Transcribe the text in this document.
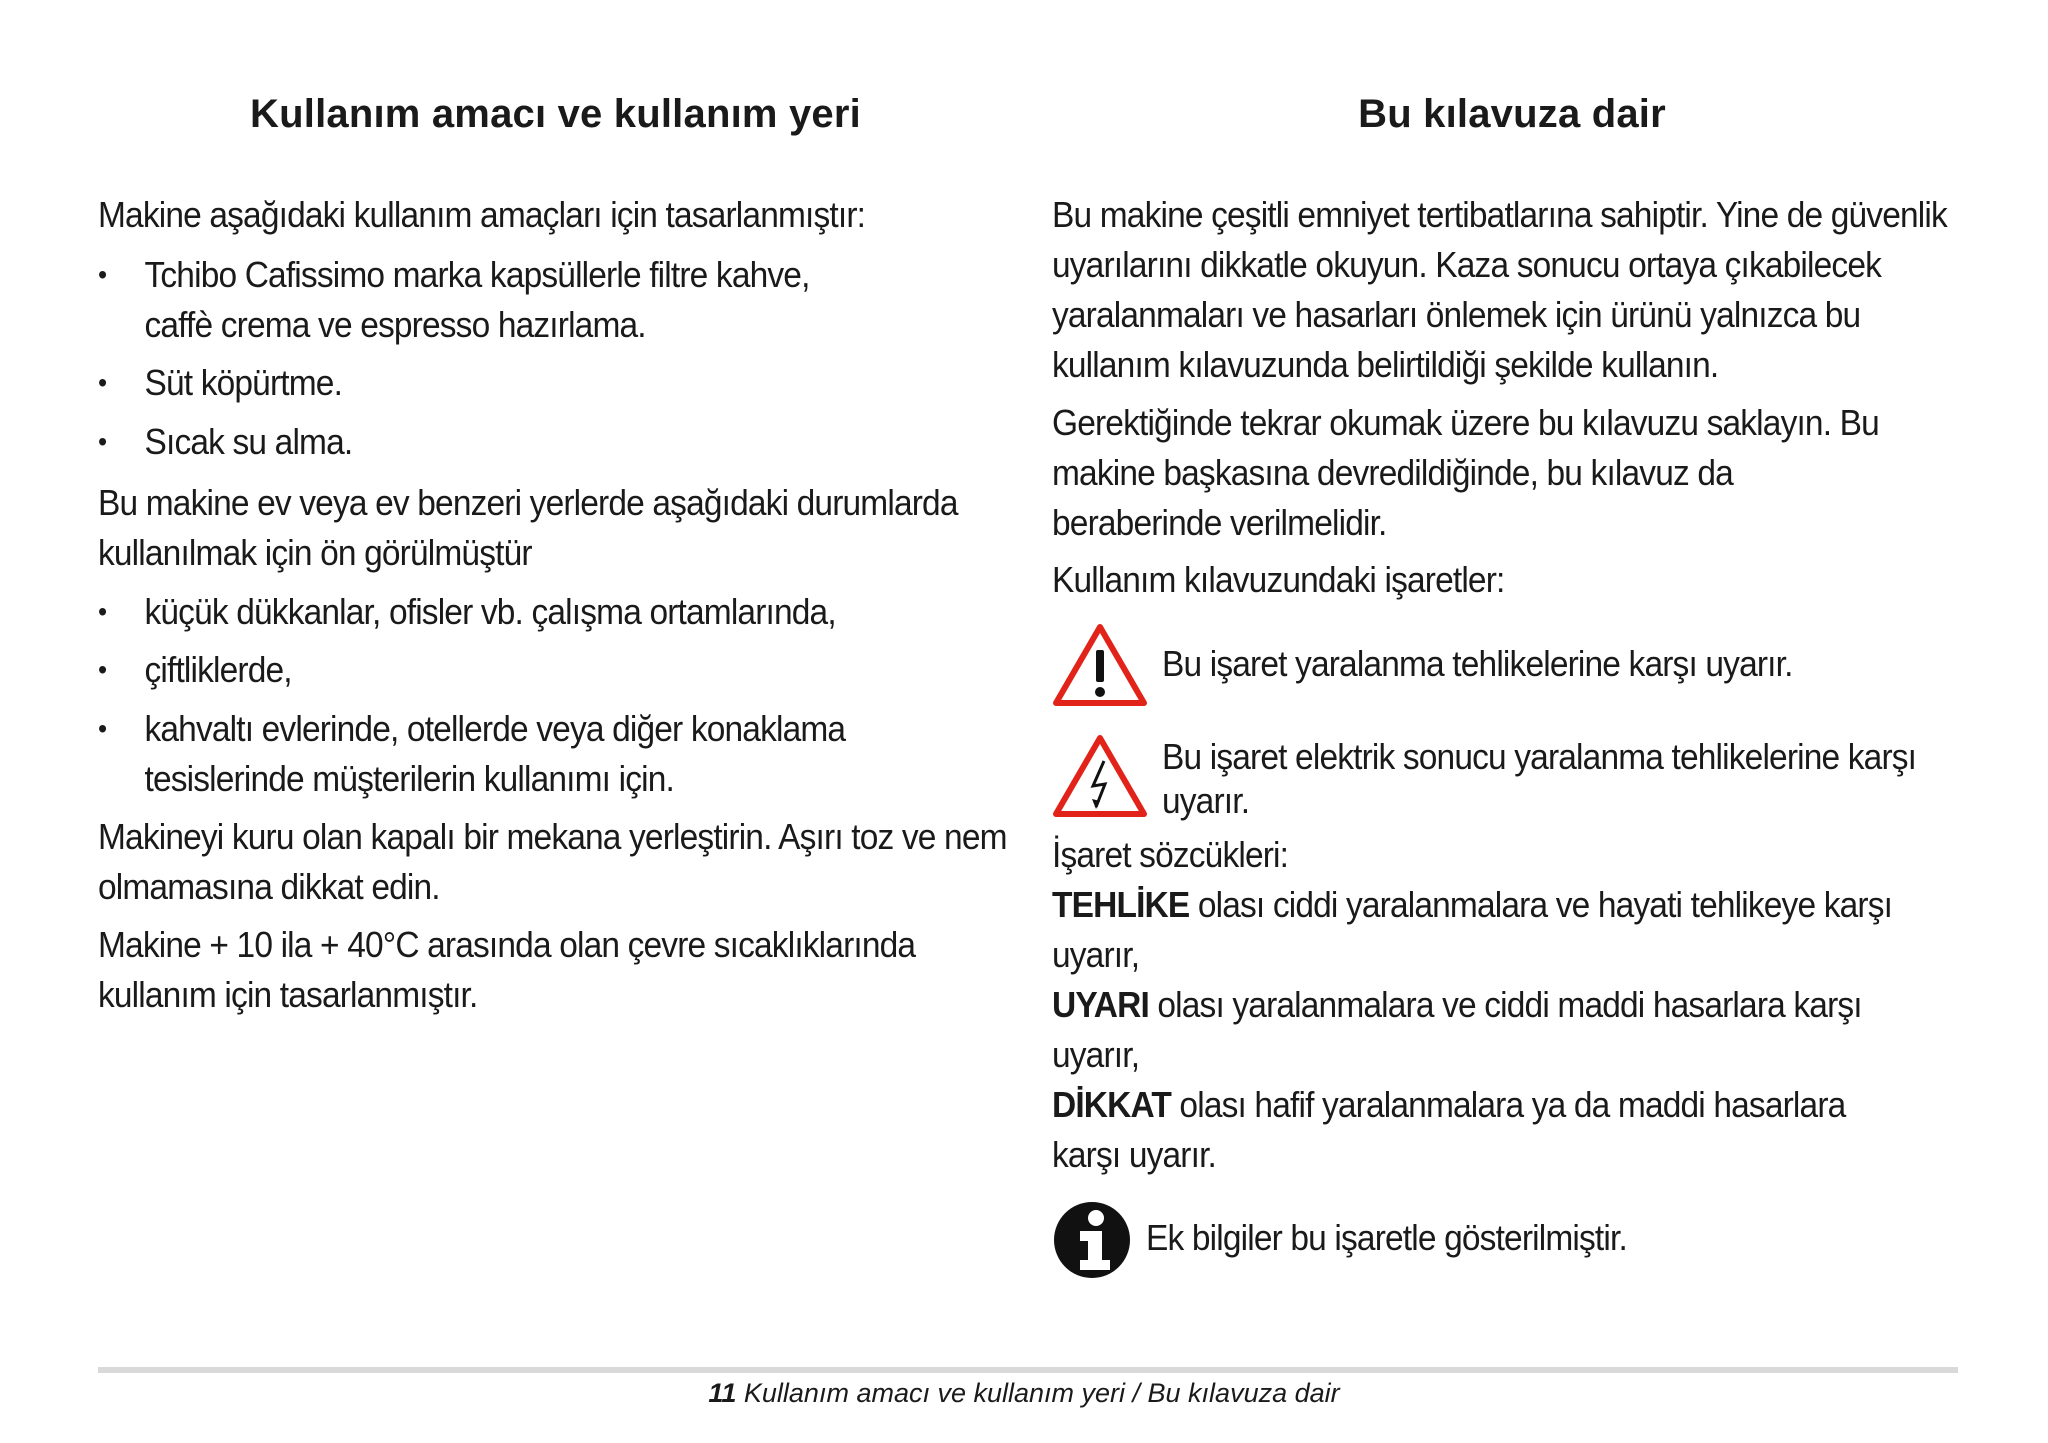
Kullanım amacı ve kullanım yeri

Makine aşağıdaki kullanım amaçları için tasarlanmıştır:

• Tchibo Cafissimo marka kapsüllerle filtre kahve, caffè crema ve espresso hazırlama.

• Süt köpürtme.

• Sıcak su alma.

Bu makine ev veya ev benzeri yerlerde aşağıdaki durumlarda kullanılmak için ön görülmüştür

• küçük dükkanlar, ofisler vb. çalışma ortamlarında,

• çiftliklerde,

• kahvaltı evlerinde, otellerde veya diğer konaklama tesislerinde müşterilerin kullanımı için.

Makineyi kuru olan kapalı bir mekana yerleştirin. Aşırı toz ve nem olmamasına dikkat edin.

Makine + 10 ila + 40°C arasında olan çevre sıcaklıklarında kullanım için tasarlanmıştır.

Bu kılavuza dair

Bu makine çeşitli emniyet tertibatlarına sahiptir. Yine de güvenlik uyarılarını dikkatle okuyun. Kaza sonucu ortaya çıkabilecek yaralanmaları ve hasarları önlemek için ürünü yalnızca bu kullanım kılavuzunda belirtildiği şekilde kullanın.

Gerektiğinde tekrar okumak üzere bu kılavuzu saklayın. Bu makine başkasına devredildiğinde, bu kılavuz da beraberinde verilmelidir.

Kullanım kılavuzundaki işaretler:

Bu işaret yaralanma tehlikelerine karşı uyarır.
Bu işaret elektrik sonucu yaralanma tehlikelerine karşı uyarır.

İşaret sözcükleri:

TEHLİKE olası ciddi yaralanmalara ve hayati tehlikeye karşı uyarır,

UYARI olası yaralanmalara ve ciddi maddi hasarlara karşı uyarır,

DİKKAT olası hafif yaralanmalara ya da maddi hasarlara karşı uyarır.

Ek bilgiler bu işaretle gösterilmiştir.
11 Kullanım amacı ve kullanım yeri / Bu kılavuza dair
